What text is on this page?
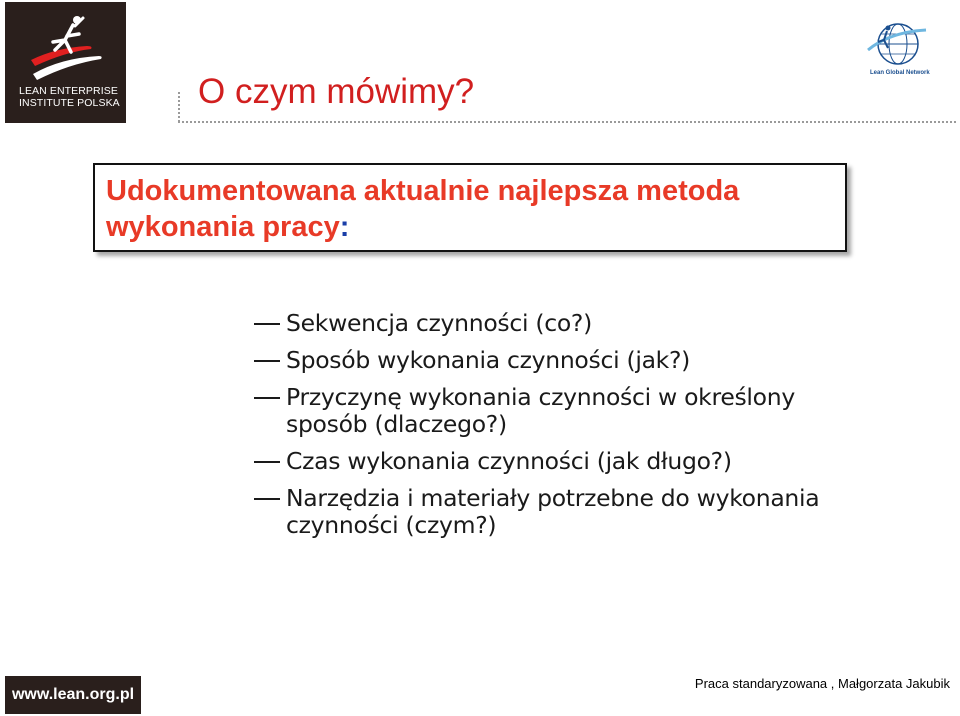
LEAN ENTERPRISE
INSTITUTE POLSKA
Lean Global Network
O czym mówimy?

Udokumentowana aktualnie najlepsza metoda wykonania pracy:

Sekwencja czynności (co?)
Sposób wykonania czynności (jak?)
Przyczynę wykonania czynności w określony sposób (dlaczego?)
Czas wykonania czynności (jak długo?)
Narzędzia i materiały potrzebne do wykonania czynności (czym?)
www.lean.org.pl
Praca standaryzowana , Małgorzata Jakubik
